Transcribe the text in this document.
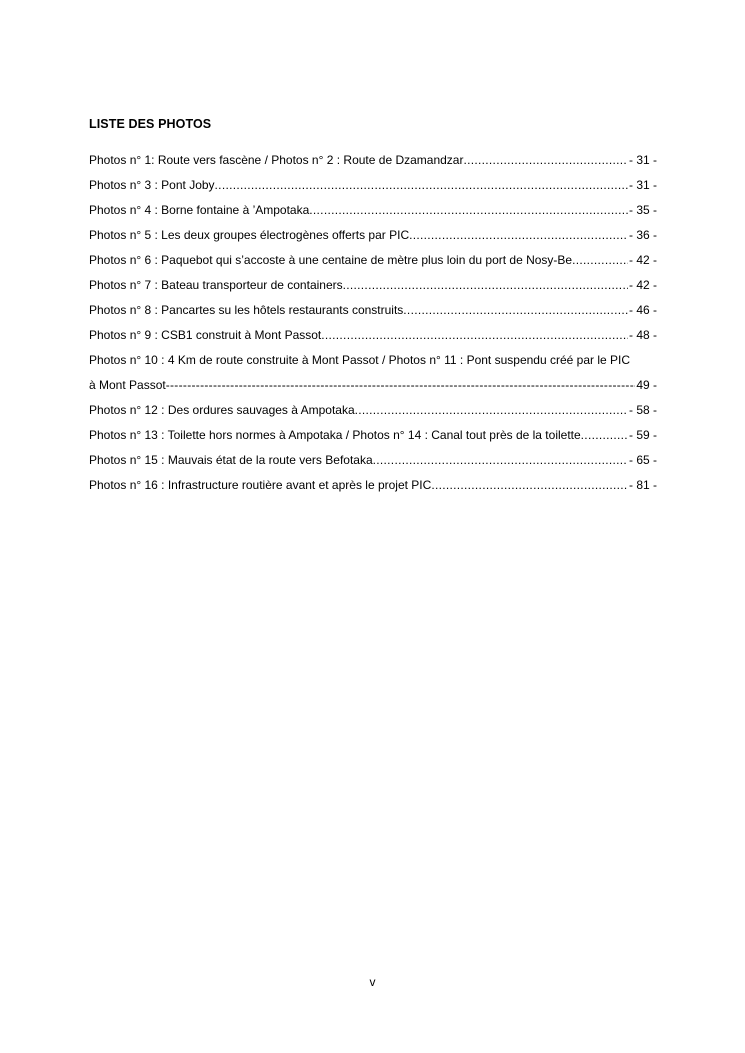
LISTE DES PHOTOS
Photos n° 1: Route vers fascène / Photos n° 2 : Route de Dzamandzar .....	- 31 -
Photos n° 3 : Pont Joby .....	- 31 -
Photos n° 4 : Borne fontaine à ’Ampotaka .....	- 35 -
Photos n° 5 : Les deux groupes électrogènes offerts par PIC .....	- 36 -
Photos n° 6 : Paquebot qui s’accoste à une centaine de mètre plus loin du port de Nosy-Be .....	- 42 -
Photos n° 7 : Bateau transporteur de containers .....	- 42 -
Photos n° 8 : Pancartes su les hôtels restaurants construits .....	- 46 -
Photos n° 9 : CSB1 construit à Mont Passot .....	- 48 -
Photos n° 10 : 4 Km de route construite à Mont Passot / Photos n° 11 : Pont suspendu créé par le PIC
à Mont Passot -----	49 -
Photos n° 12 : Des ordures sauvages à Ampotaka .....	- 58 -
Photos n° 13 : Toilette hors normes à Ampotaka / Photos n° 14 : Canal tout près de la toilette .....	- 59 -
Photos n° 15 : Mauvais état de la route vers Befotaka .....	- 65 -
Photos n° 16 : Infrastructure routière avant et après le projet PIC .....	- 81 -
v
